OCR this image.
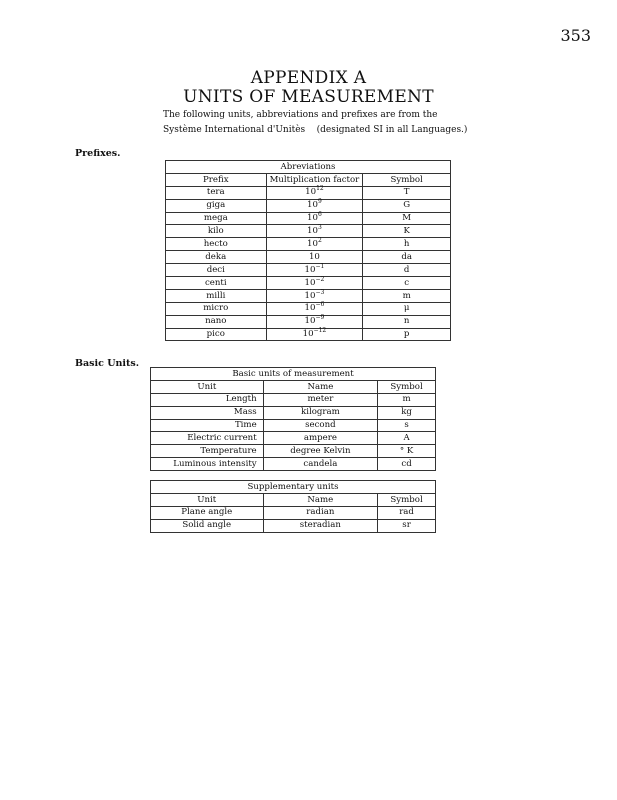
353
APPENDIX A
UNITS OF MEASUREMENT
The following units, abbreviations and prefixes are from the
Système International d'Unitès    (designated SI in all Languages.)
Prefixes.
Abreviations		
Prefix	Multiplication factor	Symbol
tera	$10^{12}$	T
giga	$10^9$	G
mega	$10^6$	M
kilo	$10^3$	K
hecto	$10^2$	h
deka	10	da
deci	$10^{-1}$	d
centi	$10^{-2}$	c
milli	$10^{-3}$	m
micro	$10^{-6}$	μ
nano	$10^{-9}$	n
pico	$10^{-12}$	p
Basic Units.
Basic units of measurement		
Unit	Name	Symbol
Length	meter	m
Mass	kilogram	kg
Time	second	s
Electric current	ampere	A
Temperature	degree Kelvin	° K
Luminous intensity	candela	cd
Supplementary units		
Unit	Name	Symbol
Plane angle	radian	rad
Solid angle	steradian	sr
